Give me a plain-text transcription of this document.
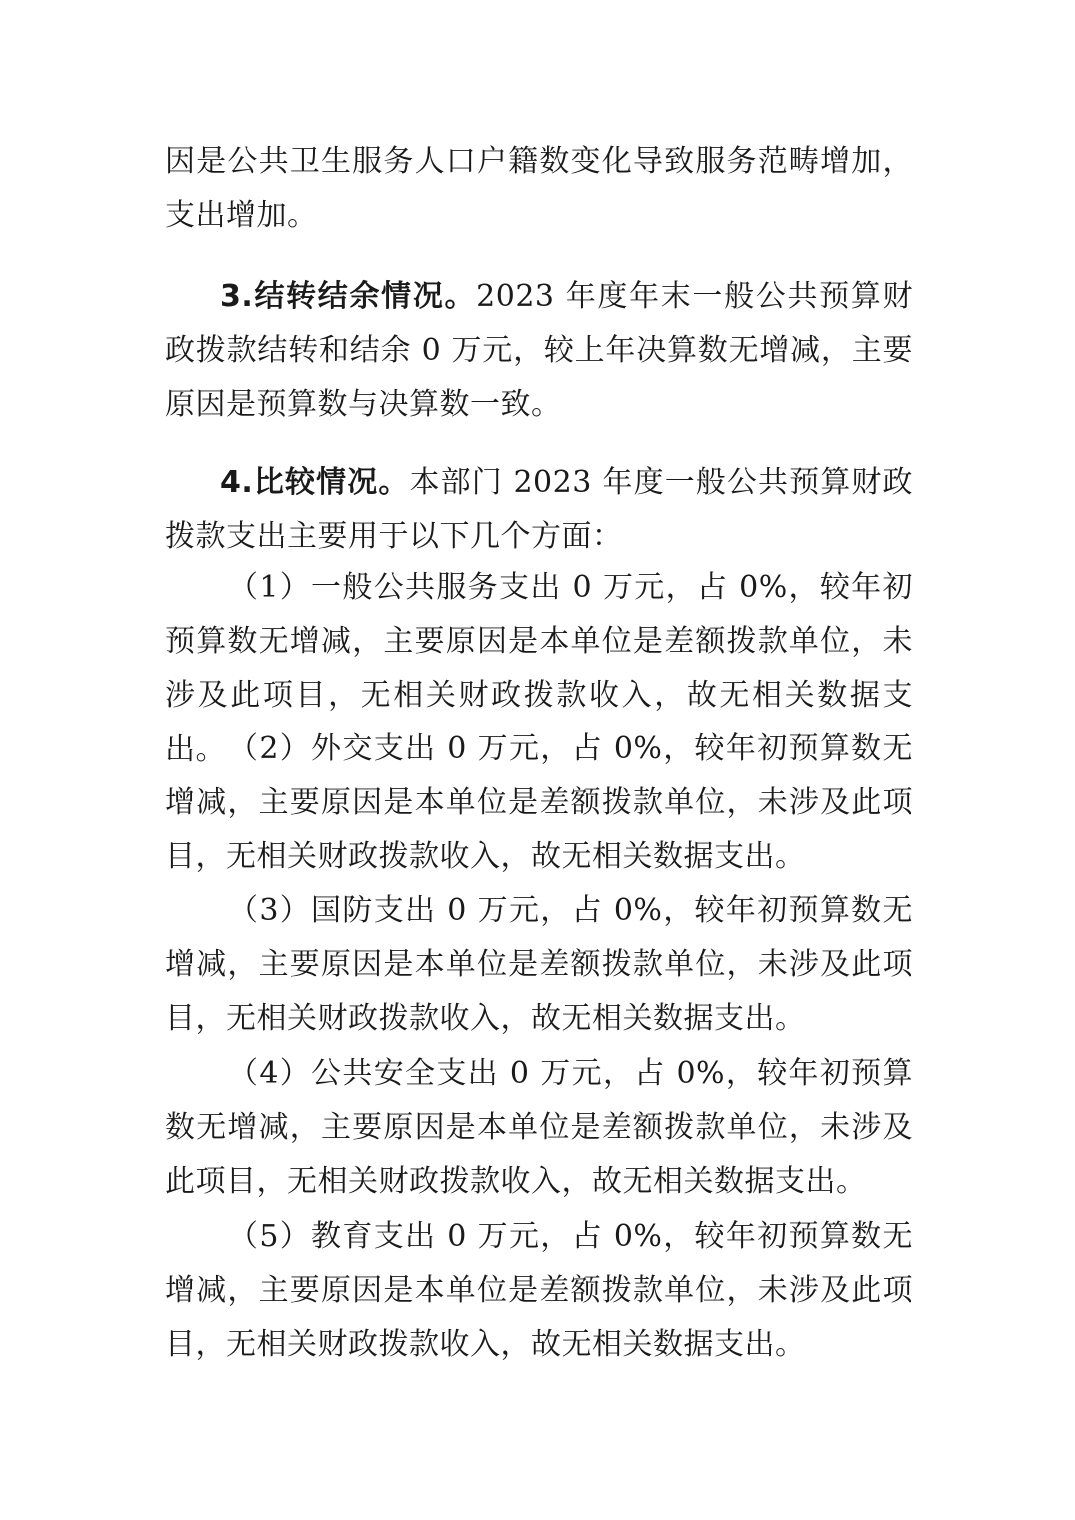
因是公共卫生服务人口户籍数变化导致服务范畴增加，支出增加。

3.结转结余情况。2023 年度年末一般公共预算财政拨款结转和结余 0 万元，较上年决算数无增减，主要原因是预算数与决算数一致。

4.比较情况。本部门 2023 年度一般公共预算财政拨款支出主要用于以下几个方面：

（1）一般公共服务支出 0 万元，占 0%，较年初预算数无增减，主要原因是本单位是差额拨款单位，未涉及此项目，无相关财政拨款收入，故无相关数据支出。 （2）外交支出 0 万元，占 0%，较年初预算数无增减，主要原因是本单位是差额拨款单位，未涉及此项目，无相关财政拨款收入，故无相关数据支出。

（3）国防支出 0 万元，占 0%，较年初预算数无增减，主要原因是本单位是差额拨款单位，未涉及此项目，无相关财政拨款收入，故无相关数据支出。

（4）公共安全支出 0 万元，占 0%，较年初预算数无增减，主要原因是本单位是差额拨款单位，未涉及此项目，无相关财政拨款收入，故无相关数据支出。

（5）教育支出 0 万元，占 0%，较年初预算数无增减，主要原因是本单位是差额拨款单位，未涉及此项目，无相关财政拨款收入，故无相关数据支出。
